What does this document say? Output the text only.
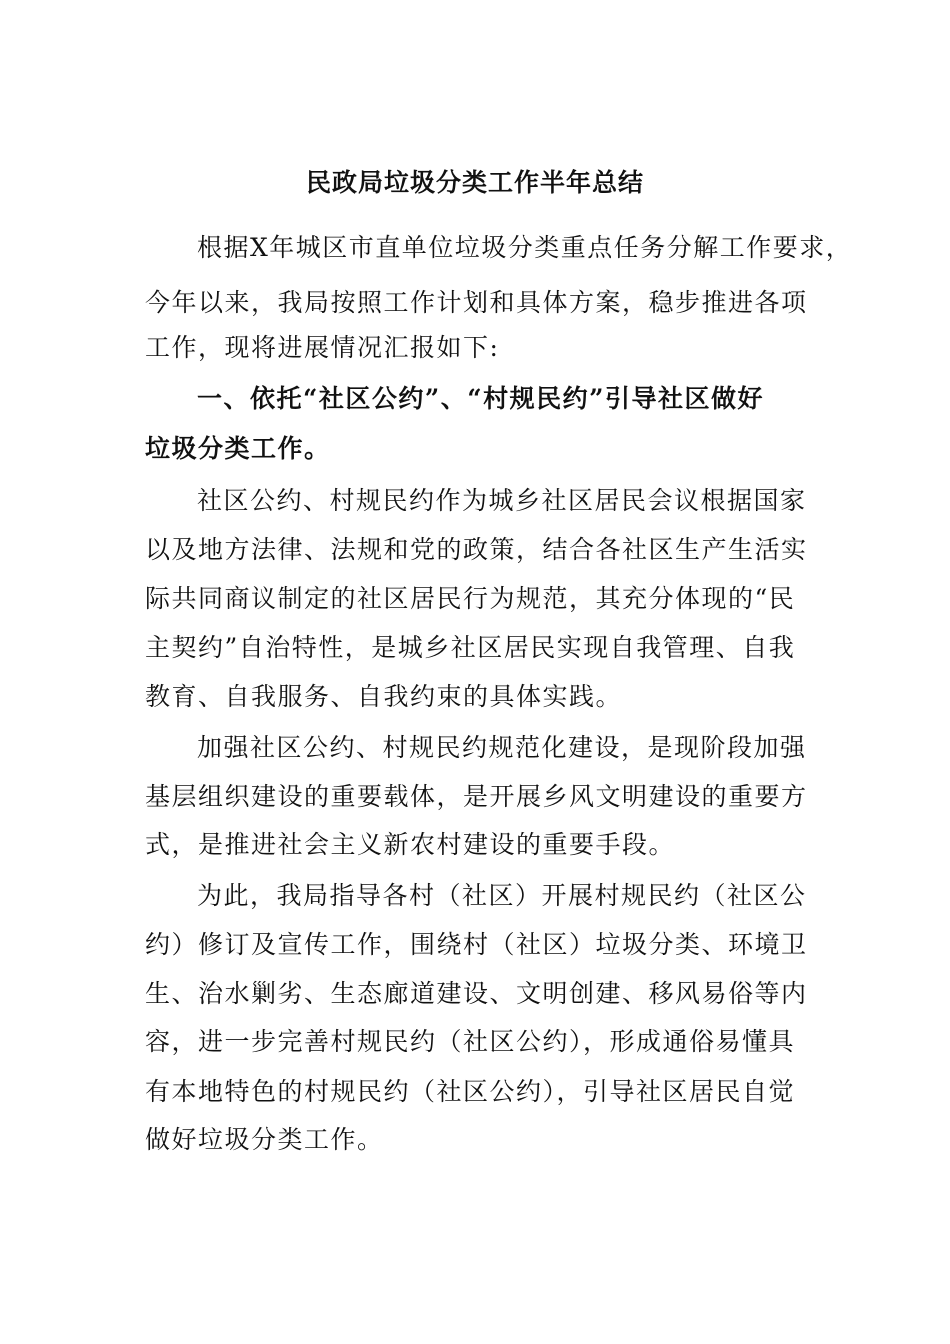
民政局垃圾分类工作半年总结
根据X年城区市直单位垃圾分类重点任务分解工作要求，
今年以来，我局按照工作计划和具体方案，稳步推进各项
工作，现将进展情况汇报如下:
一、依托“社区公约”、“村规民约”引导社区做好
垃圾分类工作。
社区公约、村规民约作为城乡社区居民会议根据国家
以及地方法律、法规和党的政策，结合各社区生产生活实
际共同商议制定的社区居民行为规范，其充分体现的“民
主契约”自治特性，是城乡社区居民实现自我管理、自我
教育、自我服务、自我约束的具体实践。
加强社区公约、村规民约规范化建设，是现阶段加强
基层组织建设的重要载体，是开展乡风文明建设的重要方
式，是推进社会主义新农村建设的重要手段。
为此，我局指导各村（社区）开展村规民约（社区公
约）修订及宣传工作，围绕村（社区）垃圾分类、环境卫
生、治水剿劣、生态廊道建设、文明创建、移风易俗等内
容，进一步完善村规民约（社区公约），形成通俗易懂具
有本地特色的村规民约（社区公约），引导社区居民自觉
做好垃圾分类工作。
